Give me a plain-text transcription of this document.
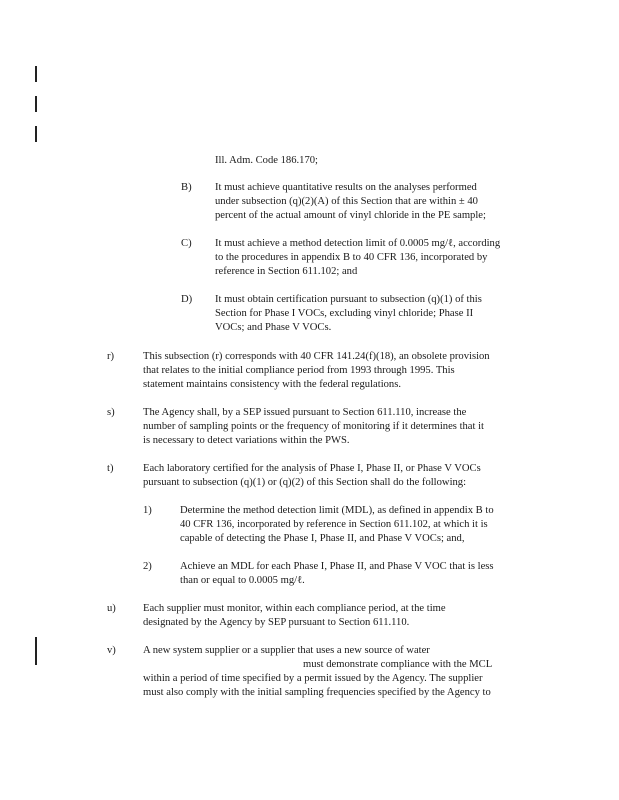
Ill. Adm. Code 186.170;
B) It must achieve quantitative results on the analyses performed
under subsection (q)(2)(A) of this Section that are within ± 40
percent of the actual amount of vinyl chloride in the PE sample;
C) It must achieve a method detection limit of 0.0005 mg/ℓ, according
to the procedures in appendix B to 40 CFR 136, incorporated by
reference in Section 611.102; and
D) It must obtain certification pursuant to subsection (q)(1) of this
Section for Phase I VOCs, excluding vinyl chloride; Phase II
VOCs; and Phase V VOCs.
r)	This subsection (r) corresponds with 40 CFR 141.24(f)(18), an obsolete provision
that relates to the initial compliance period from 1993 through 1995. This
statement maintains consistency with the federal regulations.
s)	The Agency shall, by a SEP issued pursuant to Section 611.110, increase the
number of sampling points or the frequency of monitoring if it determines that it
is necessary to detect variations within the PWS.
t)	Each laboratory certified for the analysis of Phase I, Phase II, or Phase V VOCs
pursuant to subsection (q)(1) or (q)(2) of this Section shall do the following:
1)	Determine the method detection limit (MDL), as defined in appendix B to
40 CFR 136, incorporated by reference in Section 611.102, at which it is
capable of detecting the Phase I, Phase II, and Phase V VOCs; and,
2)	Achieve an MDL for each Phase I, Phase II, and Phase V VOC that is less
than or equal to 0.0005 mg/ℓ.
u)	Each supplier must monitor, within each compliance period, at the time
designated by the Agency by SEP pursuant to Section 611.110.
v)	A new system supplier or a supplier that uses a new source of water
must demonstrate compliance with the MCL
within a period of time specified by a permit issued by the Agency. The supplier
must also comply with the initial sampling frequencies specified by the Agency to
